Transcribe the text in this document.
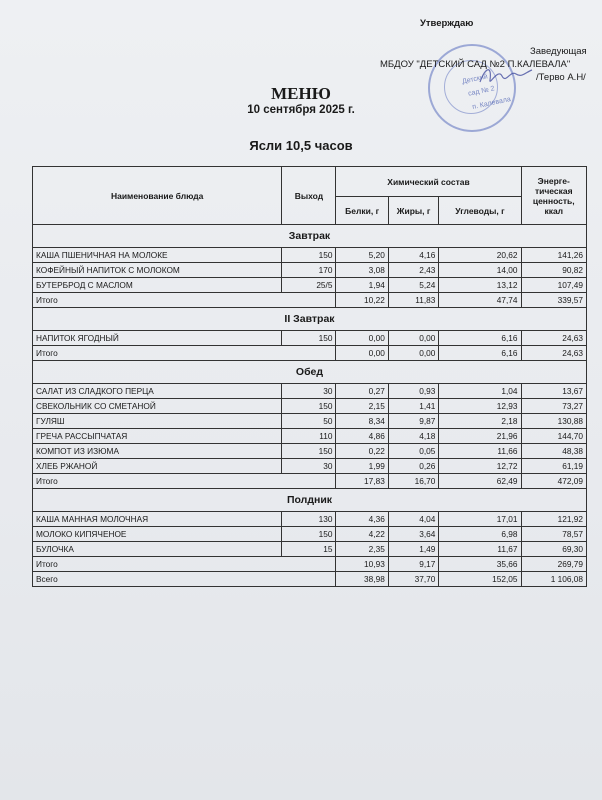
Утверждаю
Детский
сад № 2
п. Калевала
Заведующая
МБДОУ "ДЕТСКИЙ САД №2 П.КАЛЕВАЛА"
/Терво А.Н/
МЕНЮ
10 сентября 2025 г.
Ясли 10,5 часов
Наименование блюда	Выход	Химический состав			Энерге-тическая ценность, ккал
		Белки, г	Жиры, г	Углеводы, г	
Завтрак					
КАША ПШЕНИЧНАЯ НА МОЛОКЕ	150	5,20	4,16	20,62	141,26
КОФЕЙНЫЙ НАПИТОК С МОЛОКОМ	170	3,08	2,43	14,00	90,82
БУТЕРБРОД С МАСЛОМ	25/5	1,94	5,24	13,12	107,49
Итого		10,22	11,83	47,74	339,57
II Завтрак					
НАПИТОК ЯГОДНЫЙ	150	0,00	0,00	6,16	24,63
Итого		0,00	0,00	6,16	24,63
Обед					
САЛАТ ИЗ СЛАДКОГО ПЕРЦА	30	0,27	0,93	1,04	13,67
СВЕКОЛЬНИК СО СМЕТАНОЙ	150	2,15	1,41	12,93	73,27
ГУЛЯШ	50	8,34	9,87	2,18	130,88
ГРЕЧА РАССЫПЧАТАЯ	110	4,86	4,18	21,96	144,70
КОМПОТ ИЗ ИЗЮМА	150	0,22	0,05	11,66	48,38
ХЛЕБ РЖАНОЙ	30	1,99	0,26	12,72	61,19
Итого		17,83	16,70	62,49	472,09
Полдник					
КАША МАННАЯ МОЛОЧНАЯ	130	4,36	4,04	17,01	121,92
МОЛОКО КИПЯЧЕНОЕ	150	4,22	3,64	6,98	78,57
БУЛОЧКА	15	2,35	1,49	11,67	69,30
Итого		10,93	9,17	35,66	269,79
Всего		38,98	37,70	152,05	1 106,08
